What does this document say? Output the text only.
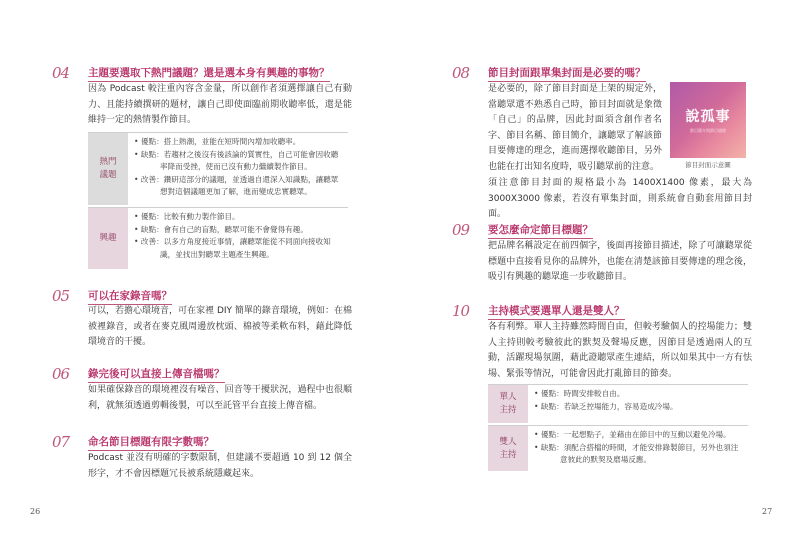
04	主題要選取下熱門議題？還是選本身有興趣的事物？
因為 Podcast 較注重內容含金量，所以創作者須選擇讓自己有動力、且能持續撰研的題材，讓自己即使面臨前期收聽率低，還是能維持一定的熱情製作節目。
熱門
議題
• 優點：搭上熱潮，並能在短時間內增加收聽率。
• 缺點：若趨材之後沒有後該論的質實性，自己可能會因收聽率降而受挫，使而已沒有動力繼續製作節目。
• 改善：鑽研這部分的議題，並透過自還深入知識點，讓聽眾想對這個議題更加了解，進而變成忠實聽眾。
興趣
• 優點：比較有動力製作節目。
• 缺點：會有自己的盲點，聽眾可能不會覺得有趣。
• 改善：以多方角度接近事情，讓聽眾能從不同面向接收知識，並找出對聽眾主題產生興趣。
05	可以在家錄音嗎？
可以，若擔心環境音，可在家裡 DIY 簡單的錄音環境，例如：在棉被裡錄音，或者在麥克風周邊放枕頭、棉被等柔軟布料，藉此降低環境音的干擾。
06	錄完後可以直接上傳音檔嗎？
如果確保錄音的環境裡沒有噪音、回音等干擾狀況，過程中也很順利，就無須透過剪輯後製，可以至託管平台直接上傳音檔。
07	命名節目標題有限字數嗎？
Podcast 並沒有明確的字數限制，但建議不要超過 10 到 12 個全形字，才不會因標題冗長被系統隱藏起來。
26
08	節目封面跟單集封面是必要的嗎？
是必要的，除了節目封面是上架的規定外，當聽眾還不熟悉自己時，節目封面就是象徵「自己」的品牌，因此封面須含創作者名字、節目名稱、節目簡介，讓聽眾了解該節目要傳達的理念，進而選擇收聽節目，另外也能在打出知名度時，吸引聽眾前的注意。
說孤事
節目簡介與節目副標
節目封面示意圖
須注意節目封面的規格最小為 1400X1400 像素，最大為 3000X3000 像素，若沒有單集封面，則系統會自動套用節目封面。
09	要怎麼命定節目標題？
把品牌名稱設定在前四個字，後面再接節目描述，除了可讓聽眾從標題中直接看見你的品牌外，也能在清楚該節目要傳達的理念後，吸引有興趣的聽眾進一步收聽節目。
10	主持模式要選單人還是雙人？
各有利弊。單人主持雖然時間自由，但較考驗個人的控場能力；雙人主持則較考驗彼此的默契及聲場反應，因節目是透過兩人的互動，活躍現場氛圍，藉此證聽眾產生連結，所以如果其中一方有怯場、緊張等情況，可能會因此打亂節目的節奏。
單人
主持
• 優點：時間安排較自由。
• 缺點：若缺乏控場能力，容易造成冷場。
雙人
主持
• 優點：一起想點子，並藉由在節目中的互動以避免冷場。
• 缺點：須配合搭檔的時間，才能安排錄製節目，另外也須注意彼此的默契及磨場反應。
27
